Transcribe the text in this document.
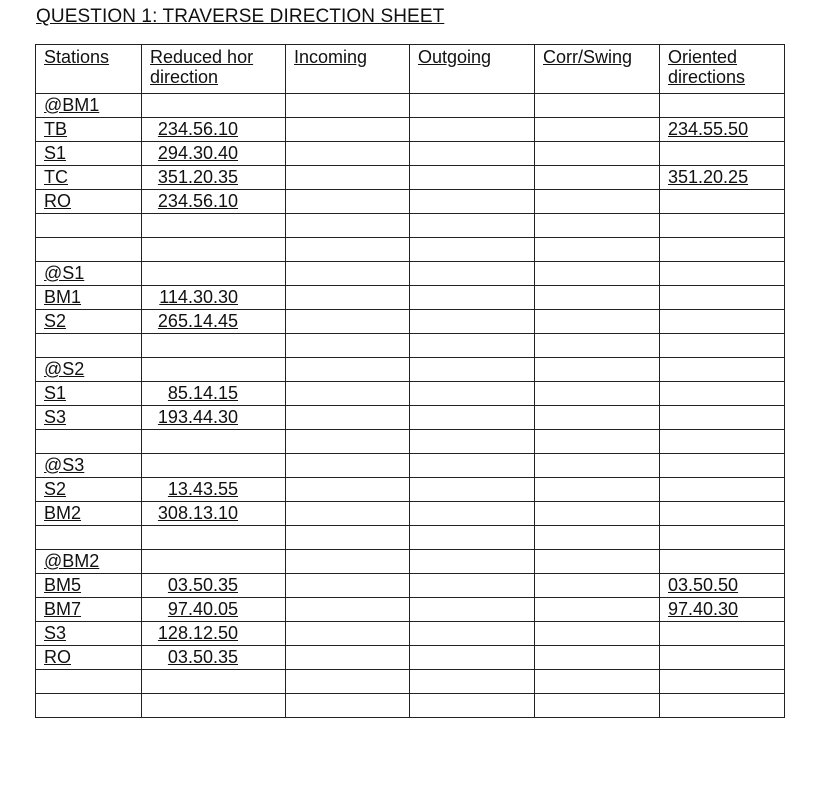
QUESTION 1: TRAVERSE DIRECTION SHEET
Stations	Reduced hor direction	Incoming	Outgoing	Corr/Swing	Oriented directions
@BM1					
TB	234.56.10				234.55.50
S1	294.30.40				
TC	351.20.35				351.20.25
RO	234.56.10				

@S1					
BM1	114.30.30				
S2	265.14.45				

@S2					
S1	85.14.15				
S3	193.44.30				

@S3					
S2	13.43.55				
BM2	308.13.10				

@BM2					
BM5	03.50.35				03.50.50
BM7	97.40.05				97.40.30
S3	128.12.50				
RO	03.50.35				
